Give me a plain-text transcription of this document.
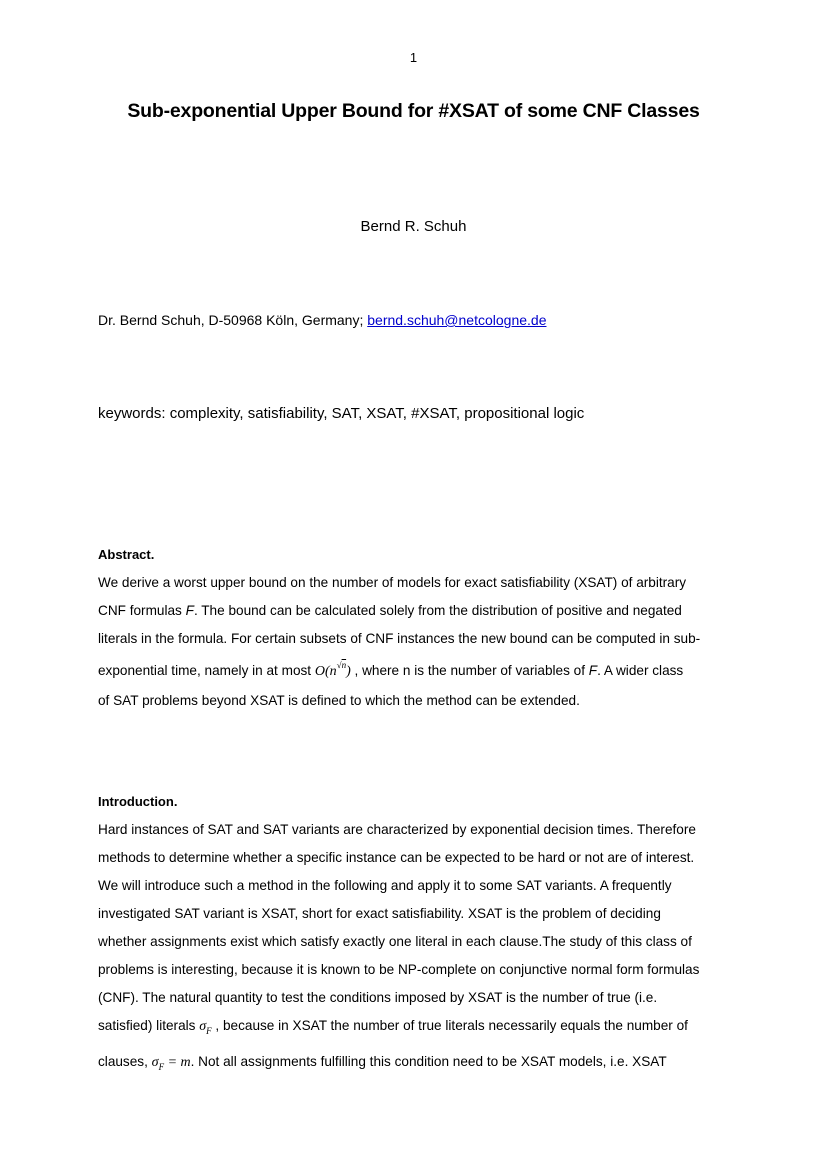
1
Sub-exponential Upper Bound for #XSAT of some CNF Classes
Bernd R. Schuh
Dr. Bernd Schuh, D-50968 Köln, Germany; bernd.schuh@netcologne.de
keywords: complexity, satisfiability, SAT, XSAT, #XSAT, propositional logic
Abstract.
We derive a worst upper bound on the number of models for exact satisfiability (XSAT) of arbitrary
CNF formulas F. The bound can be calculated solely from the distribution of positive and negated
literals in the formula. For certain subsets of CNF instances the new bound can be computed in sub-
exponential time, namely in at most $O(n^{√n})$ , where n is the number of variables of F. A wider class
of SAT problems beyond XSAT is defined to which the method can be extended.
Introduction.
Hard instances of SAT and SAT variants are characterized by exponential decision times. Therefore
methods to determine whether a specific instance can be expected to be hard or not are of interest.
We will introduce such a method in the following and apply it to some SAT variants. A frequently
investigated SAT variant is XSAT, short for exact satisfiability. XSAT is the problem of deciding
whether assignments exist which satisfy exactly one literal in each clause.The study of this class of
problems is interesting, because it is known to be NP-complete on conjunctive normal form formulas
(CNF). The natural quantity to test the conditions imposed by XSAT is the number of true (i.e.
satisfied) literals $\sigma_F$ , because in XSAT the number of true literals necessarily equals the number of
clauses, $\sigma_F = m$. Not all assignments fulfilling this condition need to be XSAT models, i.e. XSAT
